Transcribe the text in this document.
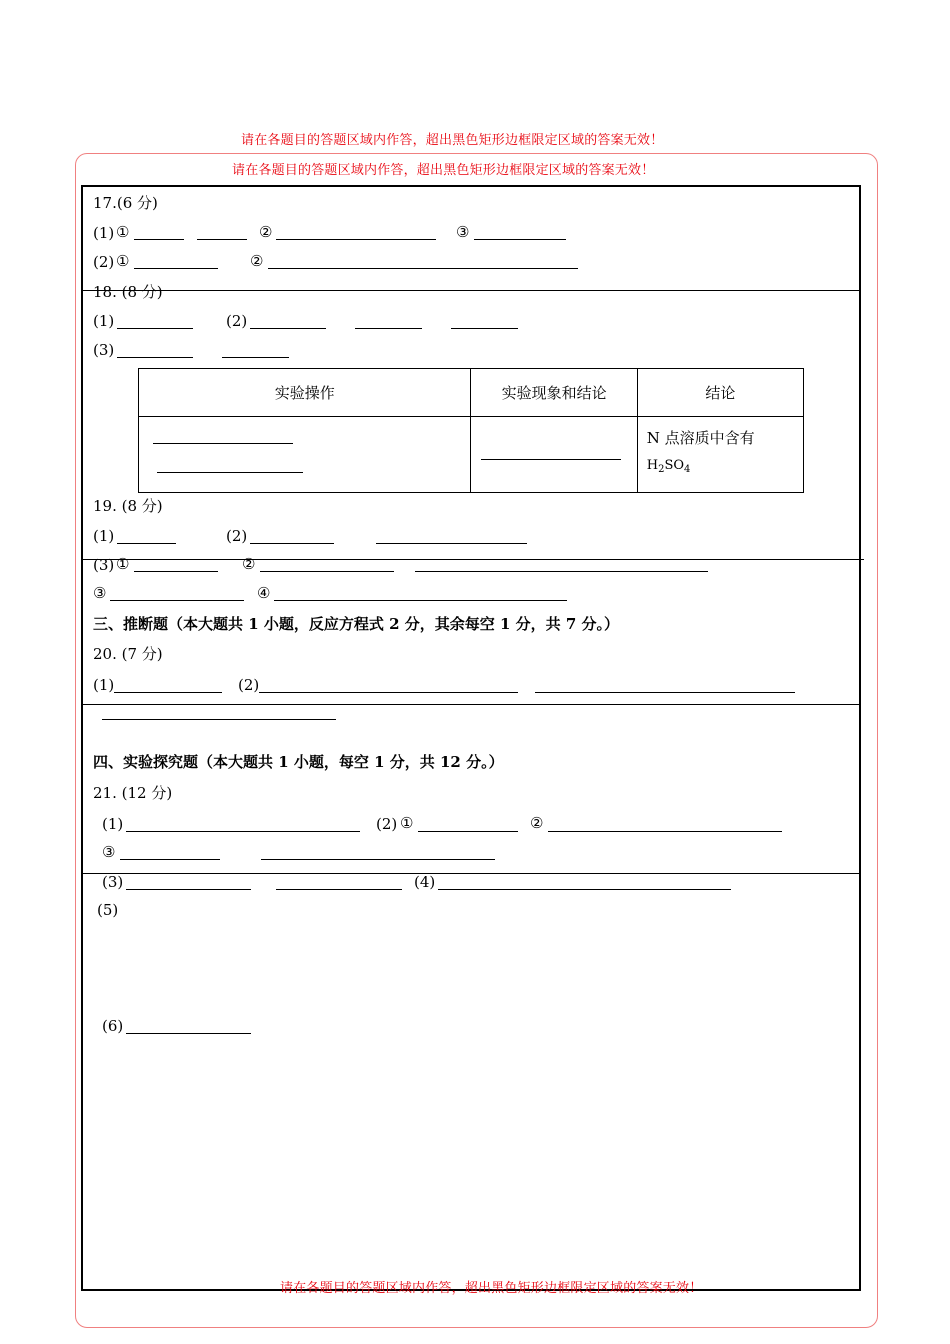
请在各题目的答题区域内作答，超出黑色矩形边框限定区域的答案无效！
请在各题目的答题区域内作答，超出黑色矩形边框限定区域的答案无效！
17.(6 分)
(1) ①	②	③
(2) ①	②
18. (8 分)
(1)	(2)
(3)
实验操作	实验现象和结论	结论

		N 点溶质中含有
$H_2SO_4$
19. (8 分)
(1)	(2)
(3) ①	②
③	④
三、推断题（本大题共 1 小题，反应方程式 2 分，其余每空 1 分，共 7 分。）
20. (7 分)
(1)	(2)
四、实验探究题（本大题共 1 小题，每空 1 分，共 12 分。）
21. (12 分)
(1)	(2) ①	②
③
(3)	(4)
(5)
(6)
请在各题目的答题区域内作答，超出黑色矩形边框限定区域的答案无效！
